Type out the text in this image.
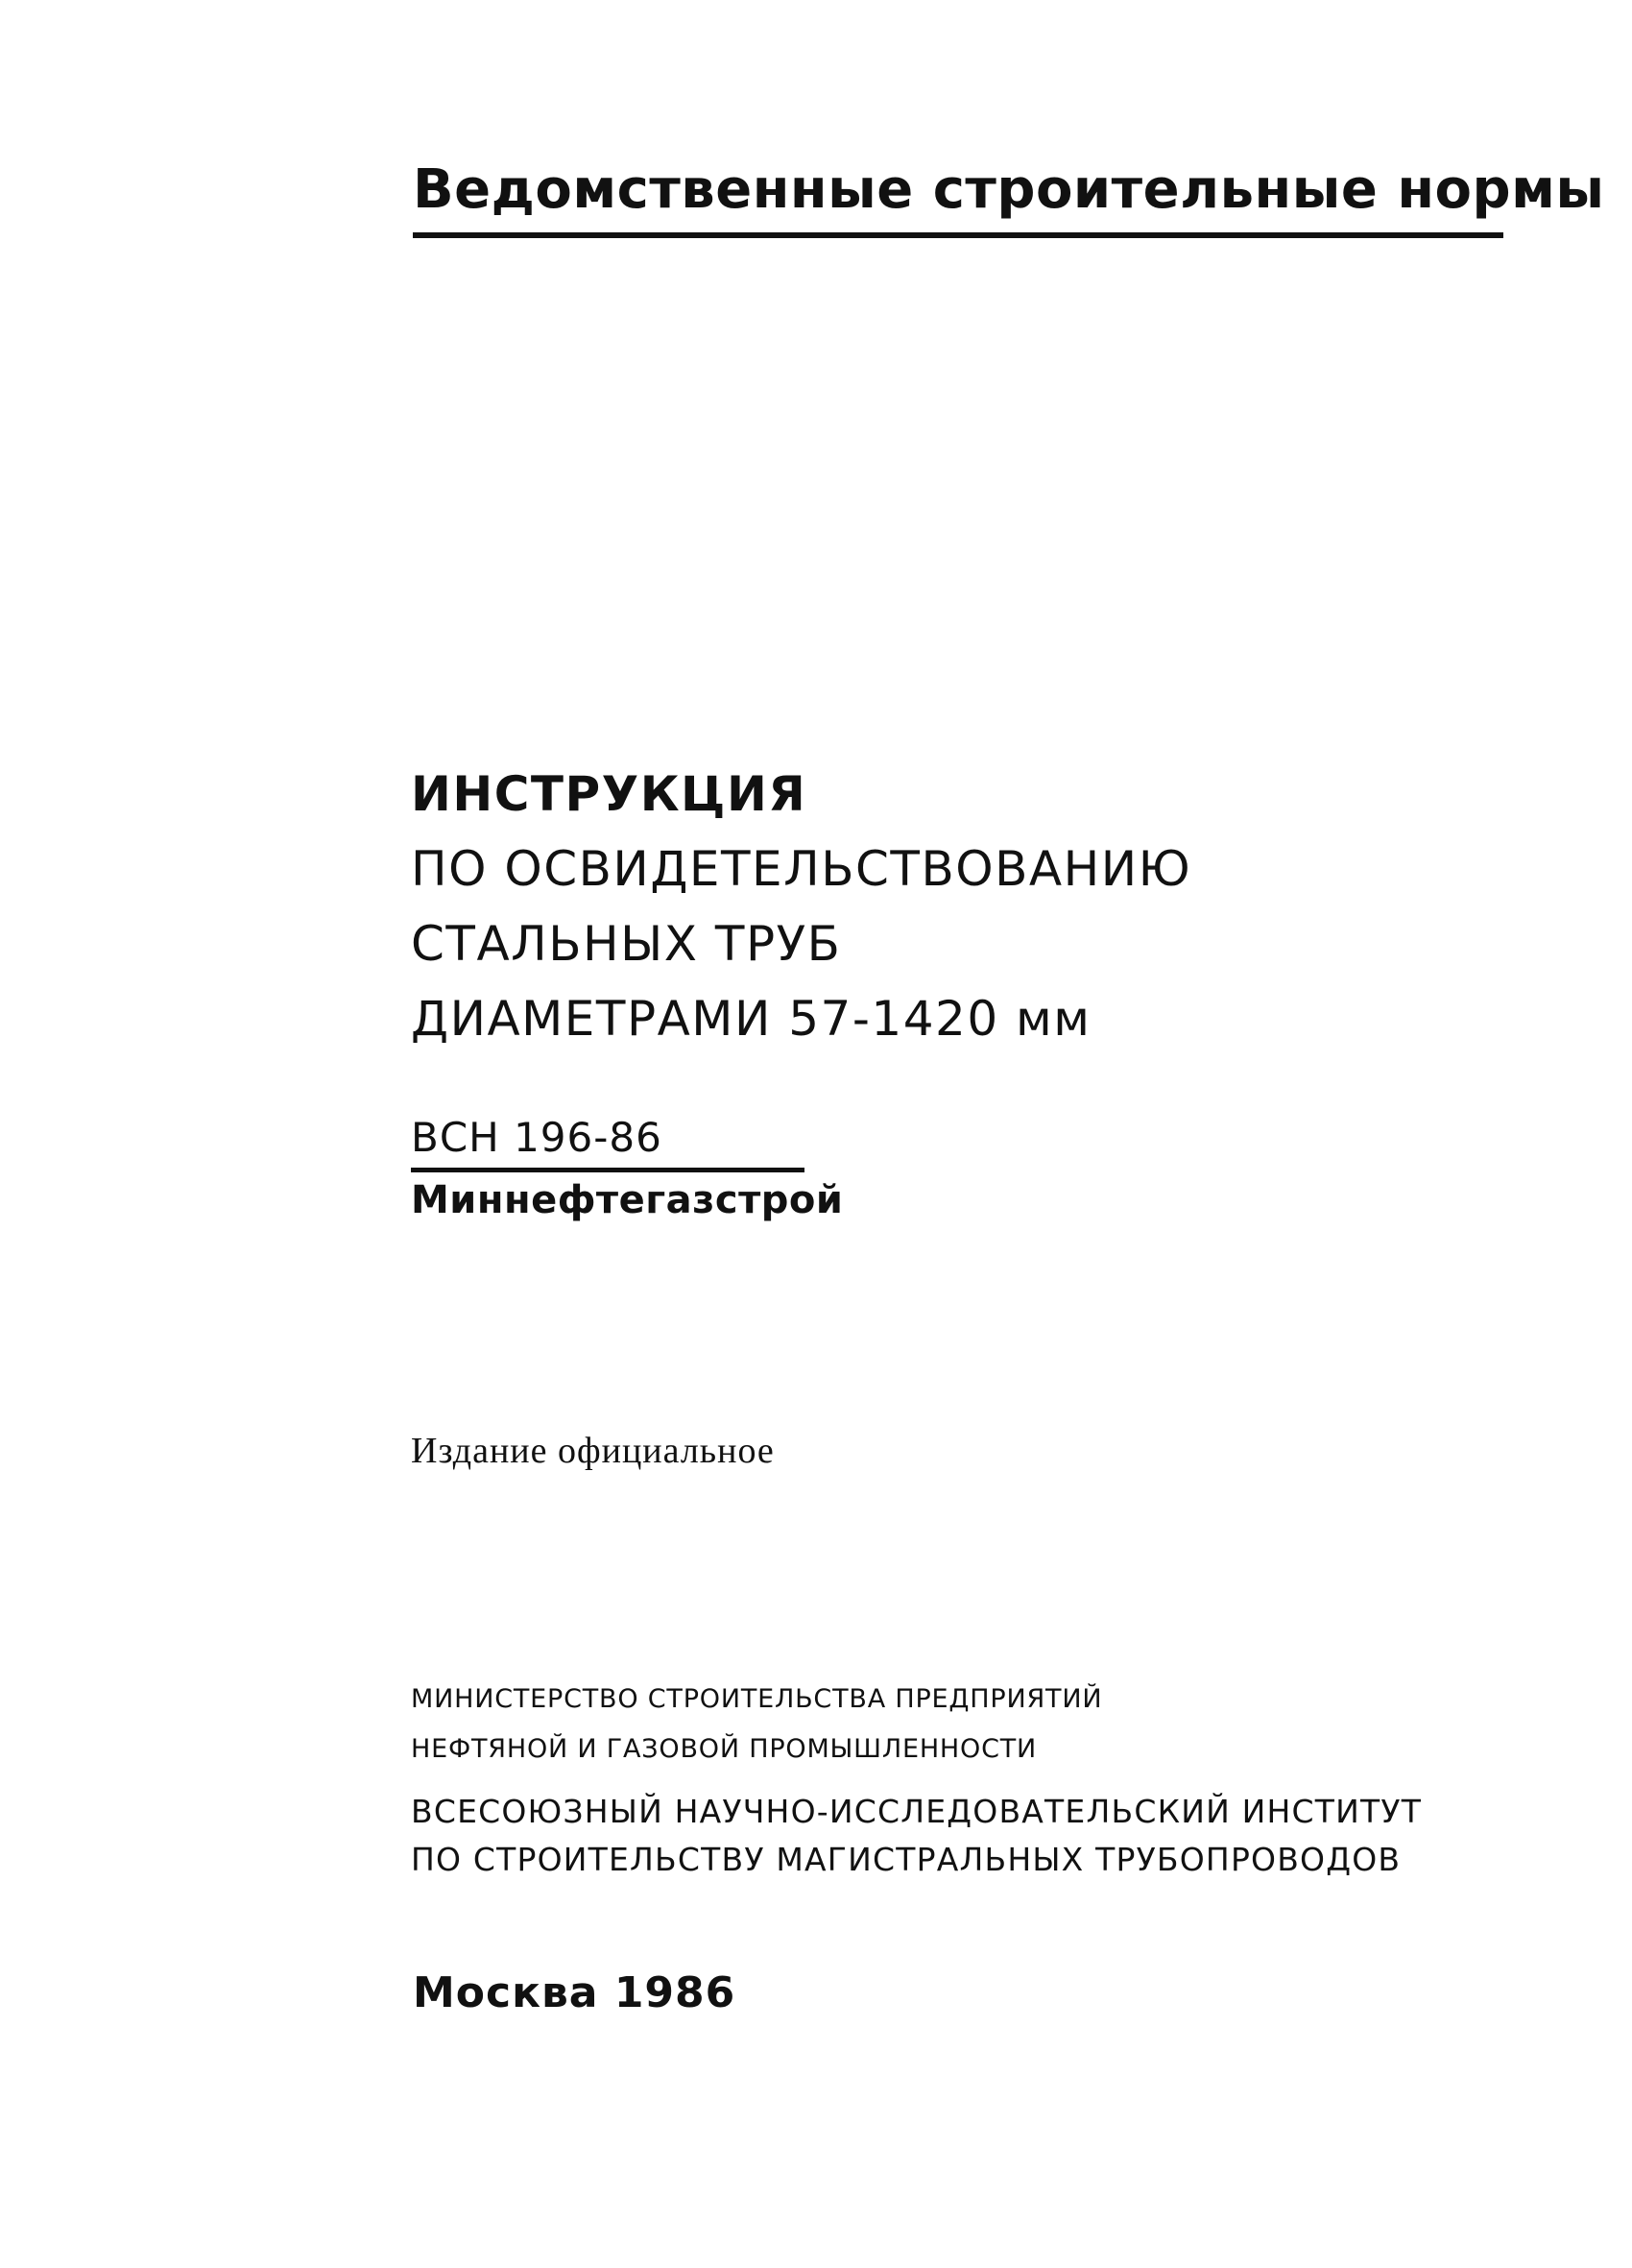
Ведомственные строительные нормы
ИНСТРУКЦИЯ
ПО ОСВИДЕТЕЛЬСТВОВАНИЮ
СТАЛЬНЫХ ТРУБ
ДИАМЕТРАМИ 57-1420 мм
ВСН 196-86
Миннефтегазстрой
Издание официальное
МИНИСТЕРСТВО СТРОИТЕЛЬСТВА ПРЕДПРИЯТИЙ
НЕФТЯНОЙ И ГАЗОВОЙ ПРОМЫШЛЕННОСТИ
ВСЕСОЮЗНЫЙ НАУЧНО-ИССЛЕДОВАТЕЛЬСКИЙ ИНСТИТУТ
ПО СТРОИТЕЛЬСТВУ МАГИСТРАЛЬНЫХ ТРУБОПРОВОДОВ
Москва 1986
